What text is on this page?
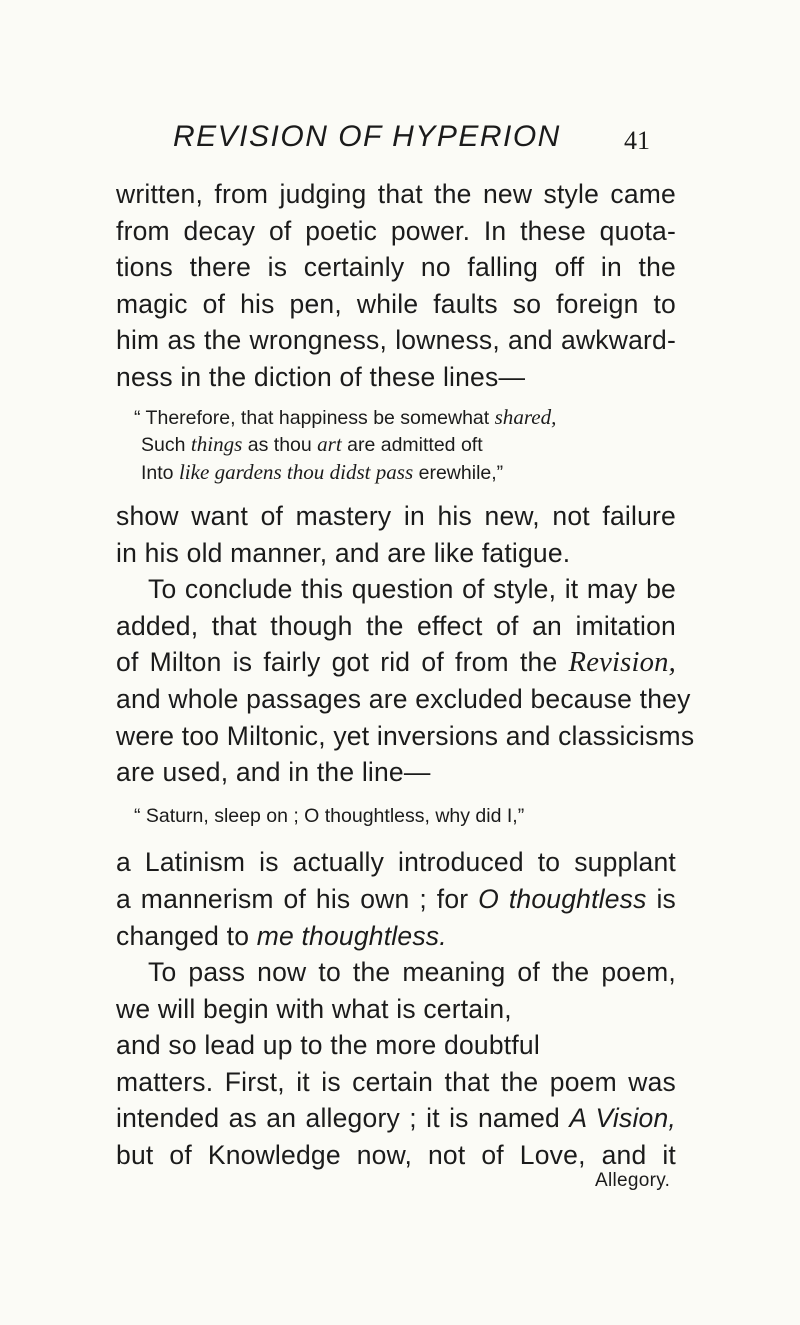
REVISION OF HYPERION 41
written, from judging that the new style came
from decay of poetic power. In these quota-
tions there is certainly no falling off in the
magic of his pen, while faults so foreign to
him as the wrongness, lowness, and awkward-
ness in the diction of these lines—
“ Therefore, that happiness be somewhat shared,
Such things as thou art are admitted oft
Into like gardens thou didst pass erewhile,”
show want of mastery in his new, not failure
in his old manner, and are like fatigue.
To conclude this question of style, it may be
added, that though the effect of an imitation
of Milton is fairly got rid of from the Revision,
and whole passages are excluded because they
were too Miltonic, yet inversions and classicisms
are used, and in the line—
“ Saturn, sleep on ; O thoughtless, why did I,”
a Latinism is actually introduced to supplant
a mannerism of his own ; for O thoughtless is
changed to me thoughtless.
To pass now to the meaning of the poem,
we will begin with what is certain,
and so lead up to the more doubtful
matters. First, it is certain that the poem was
intended as an allegory ; it is named A Vision,
but of Knowledge now, not of Love, and it
Allegory.
